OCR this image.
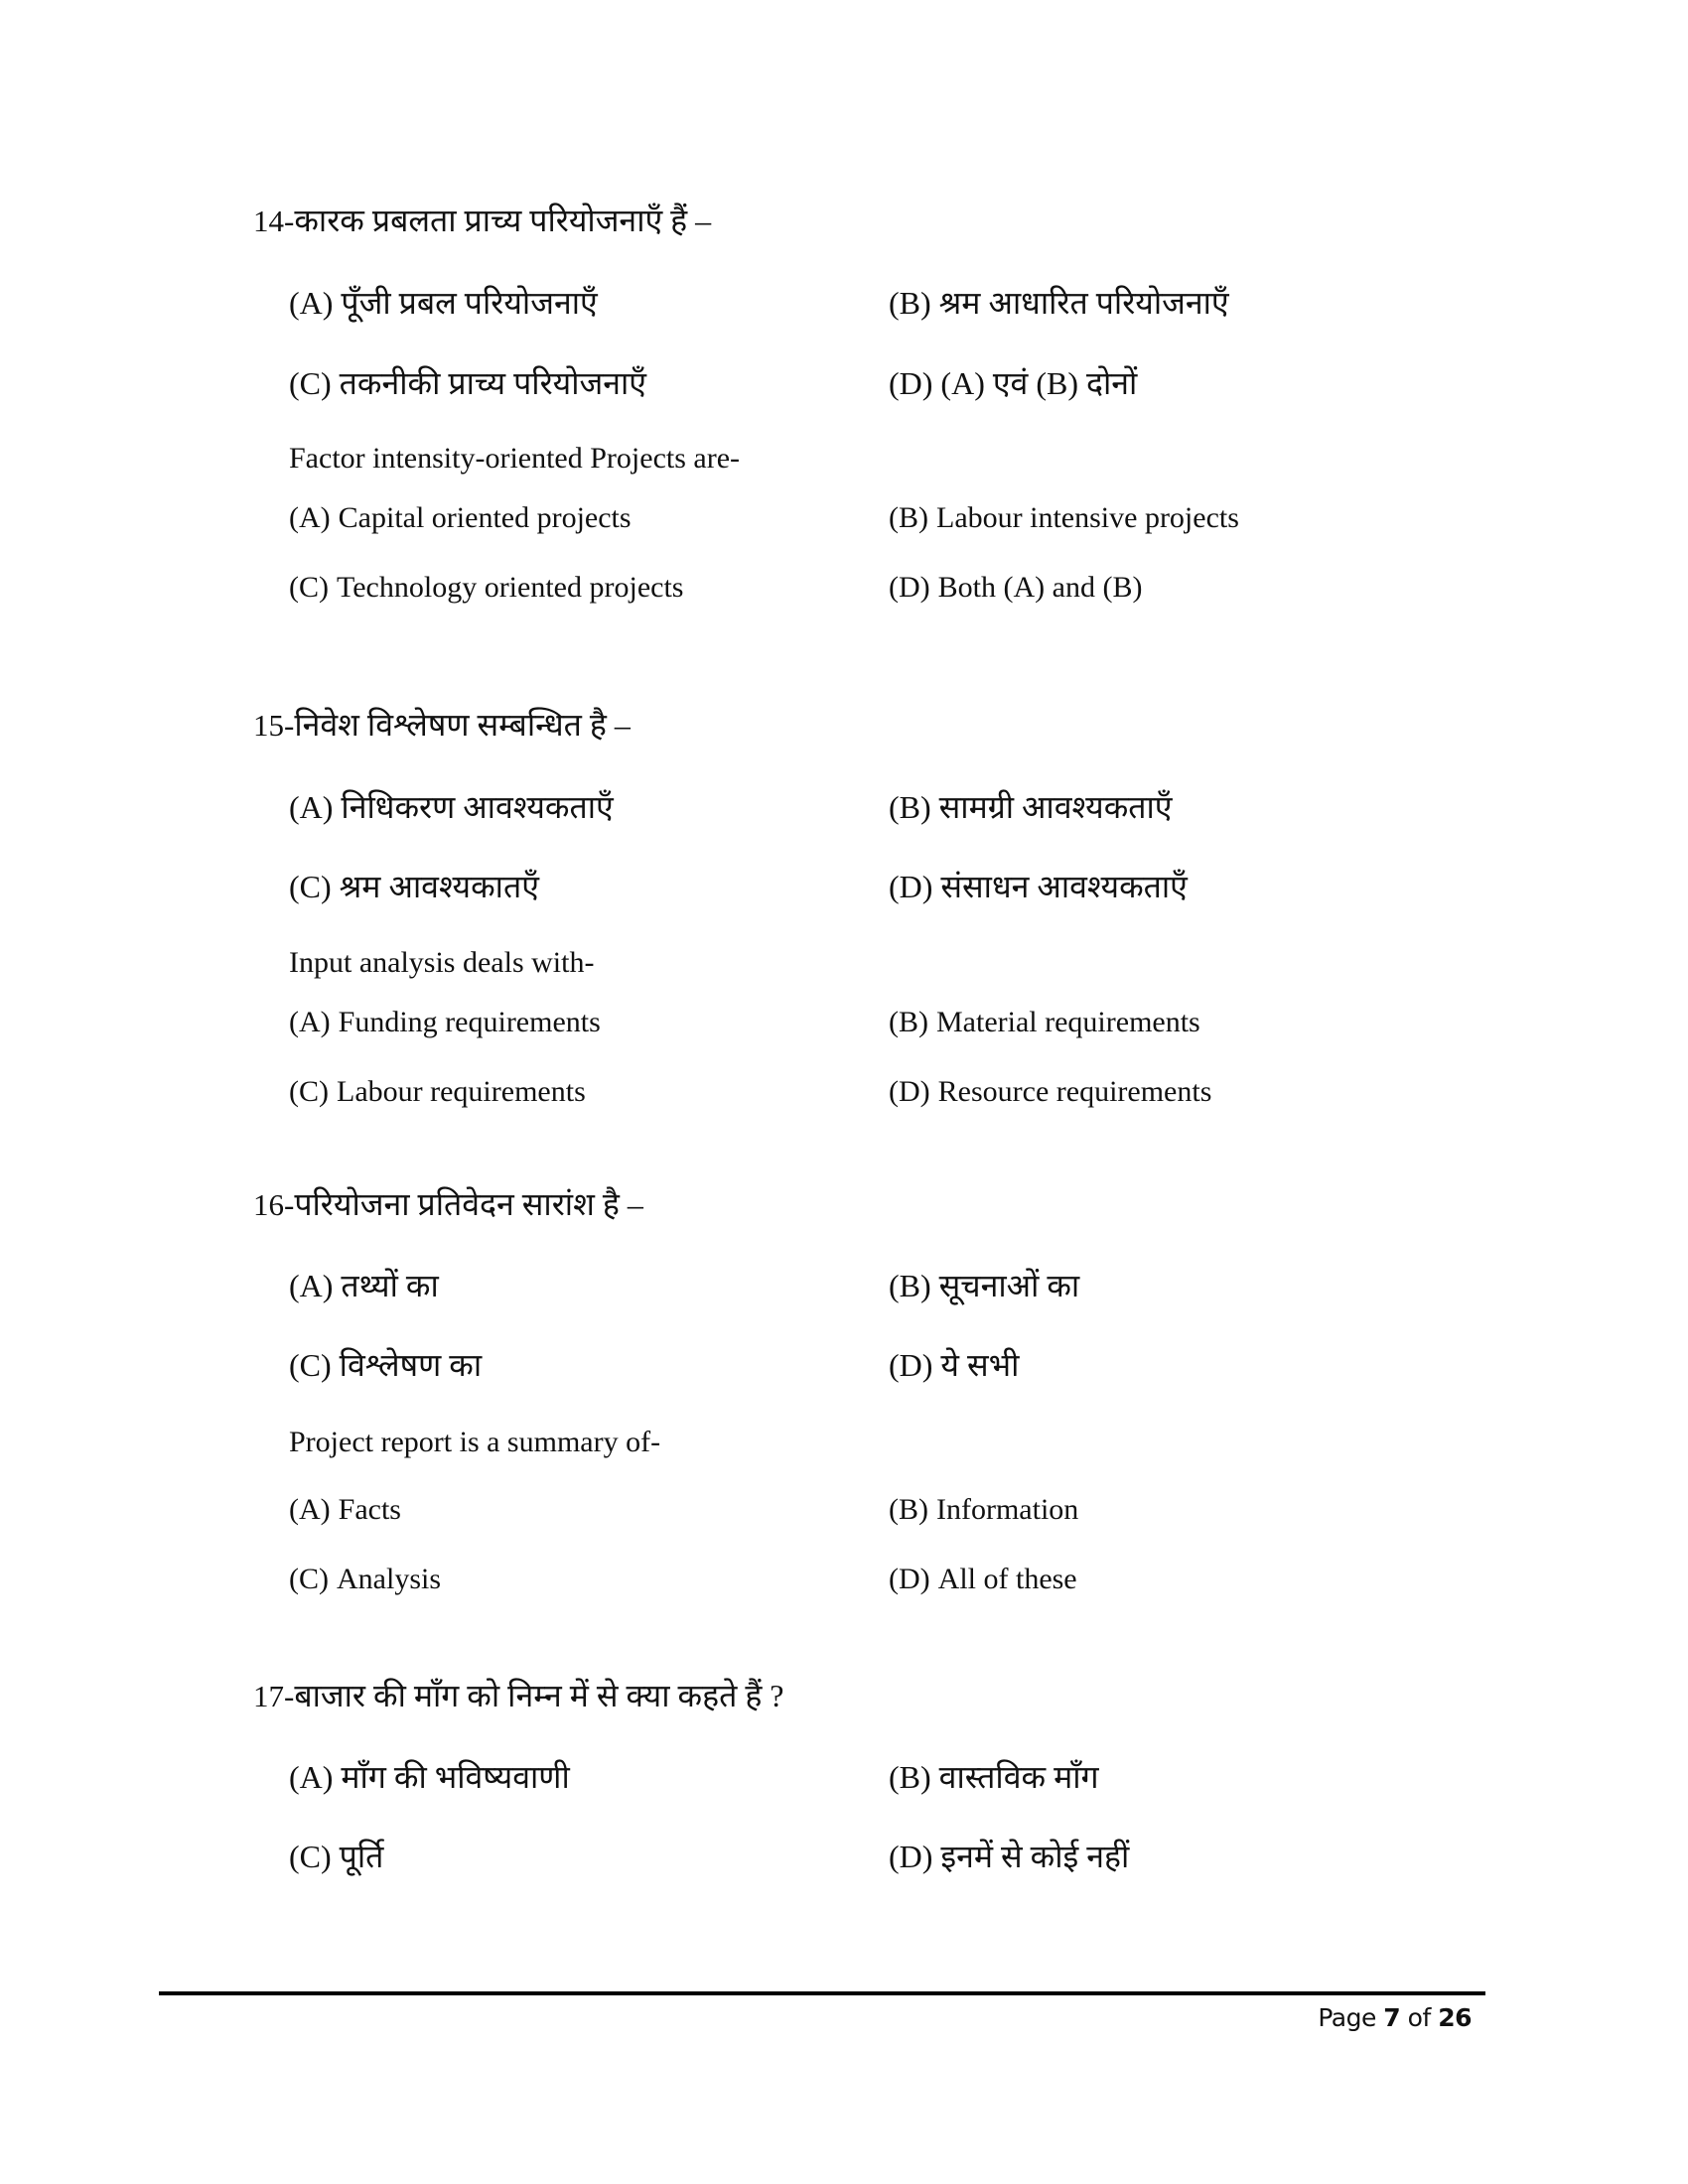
14-कारक प्रबलता प्राच्य परियोजनाएँ हैं –
(A) पूँजी प्रबल परियोजनाएँ	(B) श्रम आधारित परियोजनाएँ
(C) तकनीकी प्राच्य परियोजनाएँ	(D) (A) एवं (B) दोनों
Factor intensity-oriented Projects are-
(A) Capital oriented projects	(B) Labour intensive projects
(C) Technology oriented projects	(D) Both (A) and (B)
15-निवेश विश्लेषण सम्बन्धित है –
(A) निधिकरण आवश्यकताएँ	(B) सामग्री आवश्यकताएँ
(C) श्रम आवश्यकातएँ	(D) संसाधन आवश्यकताएँ
Input analysis deals with-
(A) Funding requirements	(B) Material requirements
(C) Labour requirements	(D) Resource requirements
16-परियोजना प्रतिवेदन सारांश है –
(A) तथ्यों का	(B) सूचनाओं का
(C) विश्लेषण का	(D) ये सभी
Project report is a summary of-
(A) Facts	(B) Information
(C) Analysis	(D) All of these
17-बाजार की माँग को निम्न में से क्या कहते हैं ?
(A) माँग की भविष्यवाणी	(B) वास्तविक माँग
(C) पूर्ति	(D) इनमें से कोई नहीं
Page 7 of 26
